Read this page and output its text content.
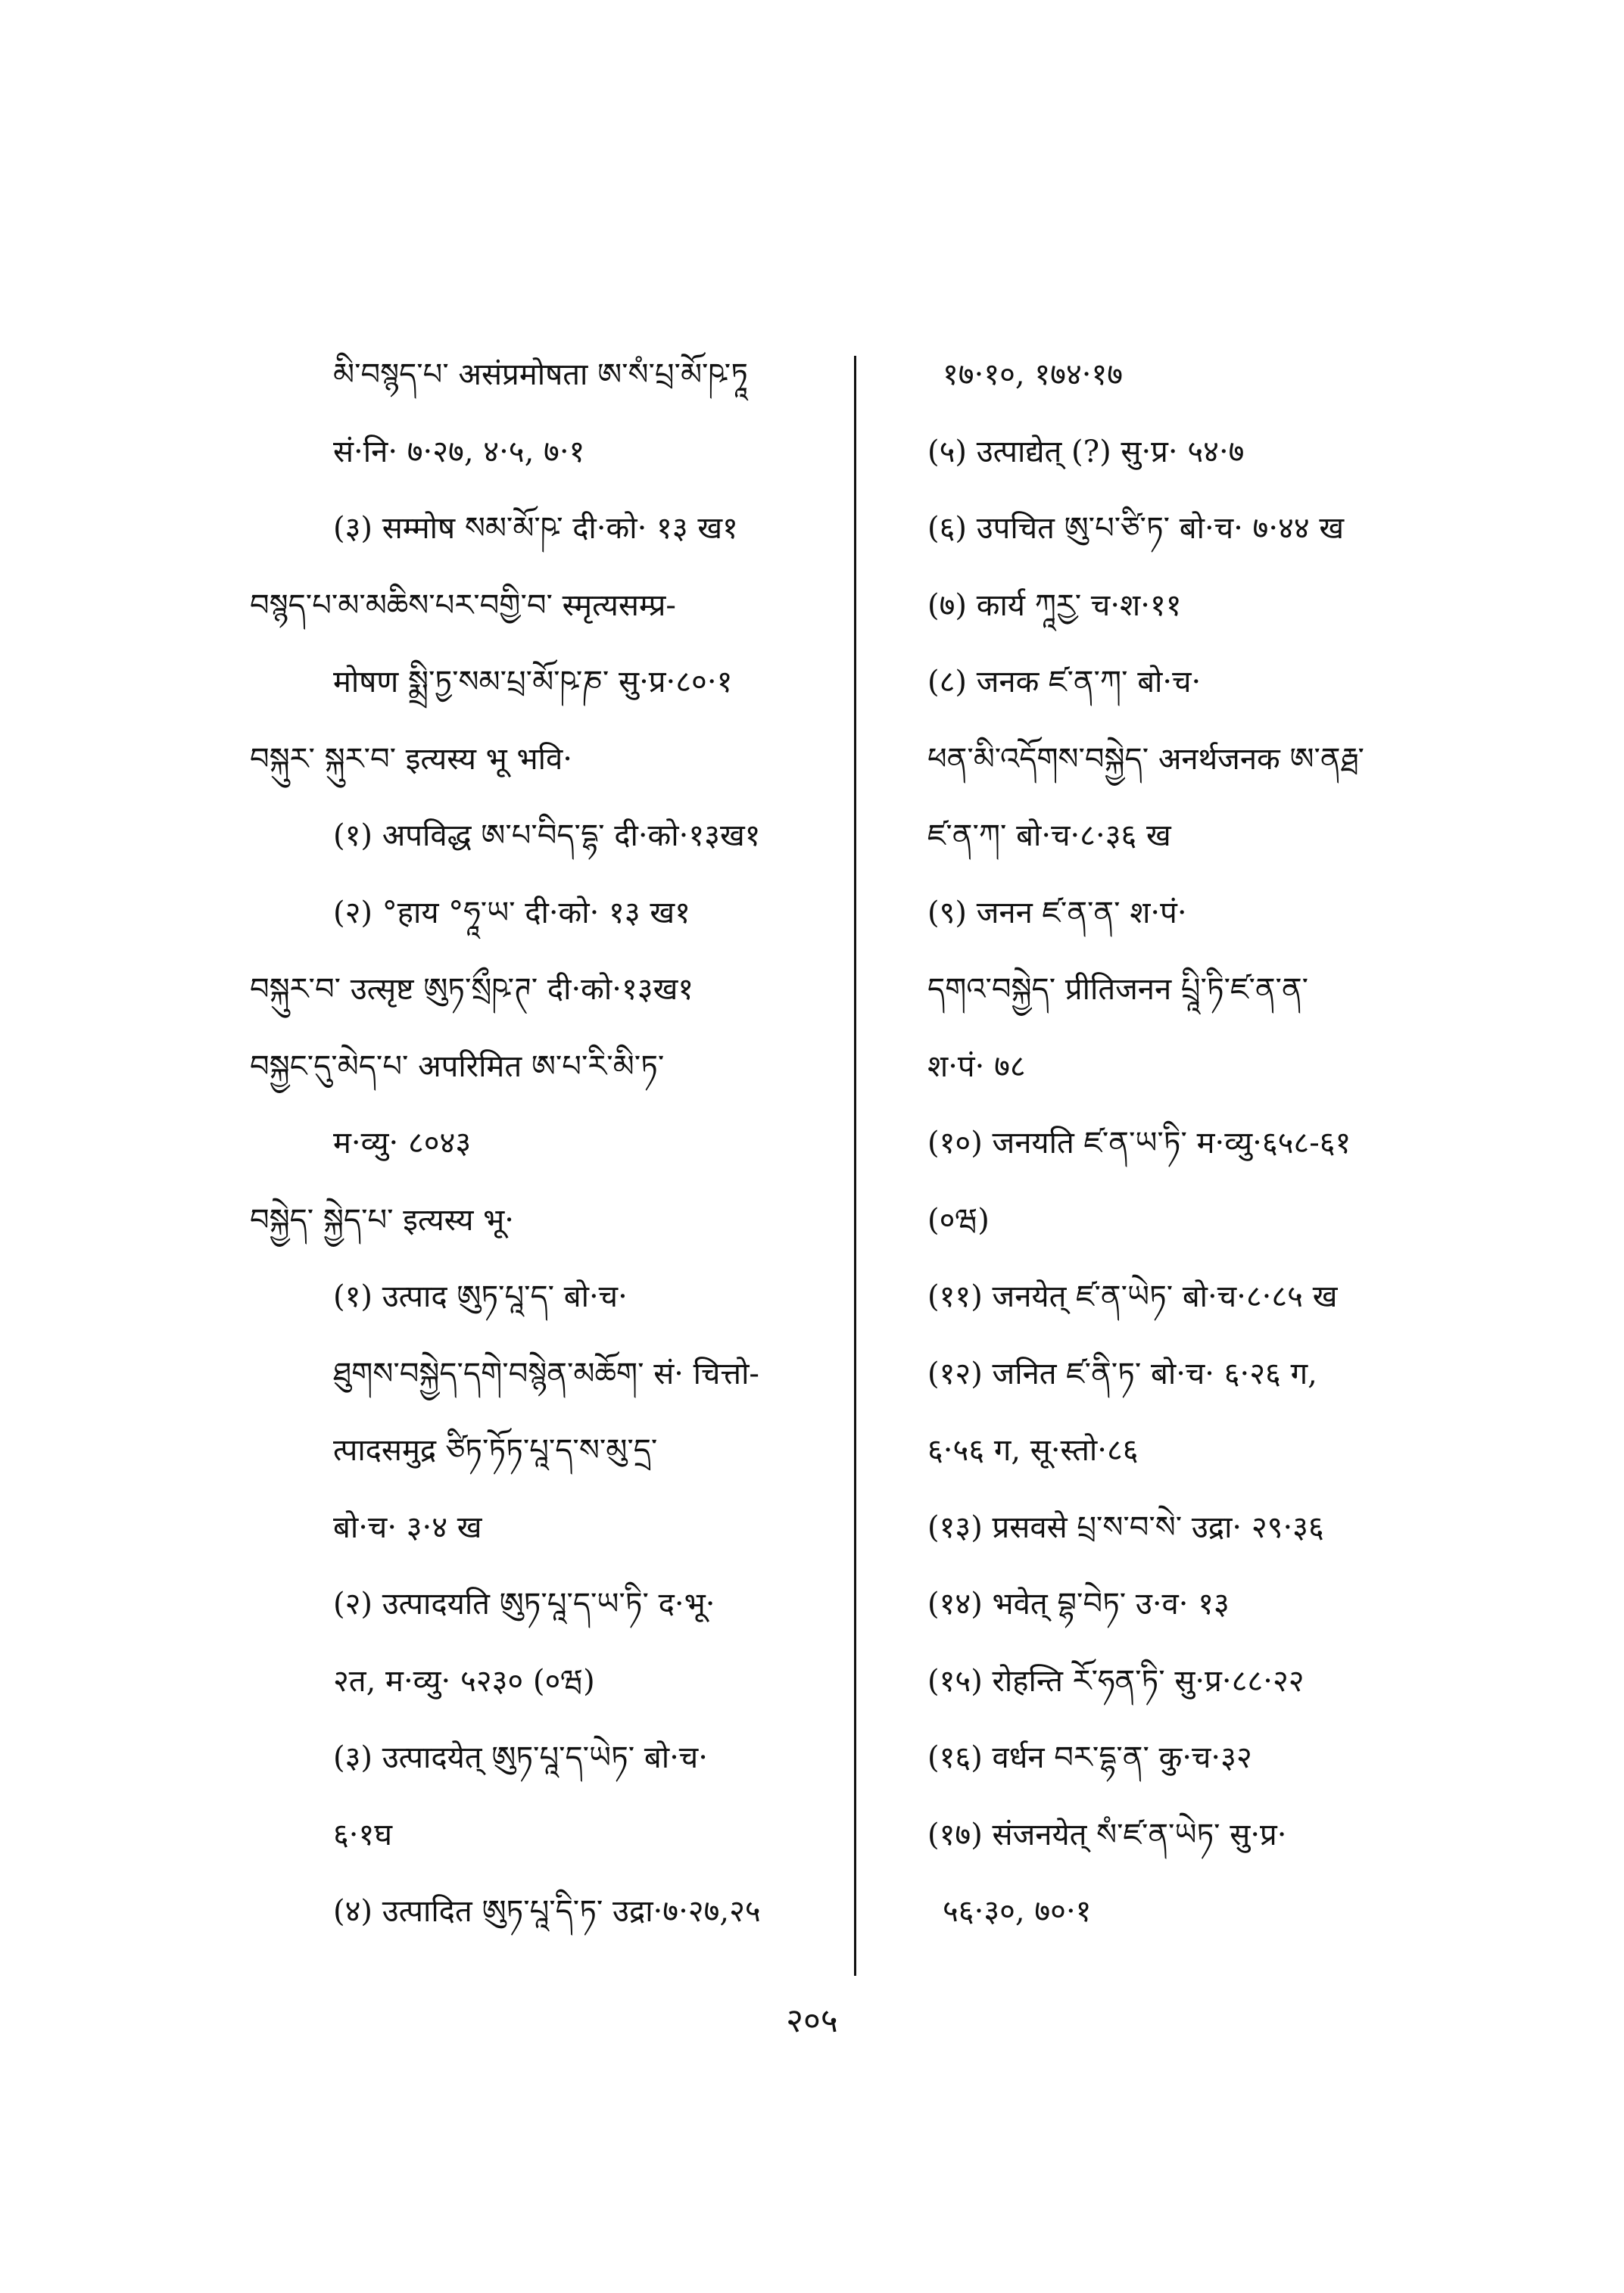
མི་བསྙད་པ་ असंप्रमोषता ཨ་སཾ་པྲ་མོ་ཥ་ཏཱ
सं·नि· ७·२७, ४·५, ७·१
(३) सम्मोष སམ་མོ་ཥ་ दी·को· १३ ख१
བསྙད་པ་མ་མཆིས་པར་བགྱི་བ་ स्मृत्यसम्प्र-
मोषण སྨྲི་ཏྱ་སམ་པྲ་མོ་ཥ་ཎ་ सु·प्र·८०·१
བསྐུར་ སྐུར་བ་ इत्यस्य भू भवि·
(१) अपविद्ध ཨ་པ་བིད་དྷ་ दी·को·१३ख१
(२) °हाय °ཧཱ་ཡ་ दी·को· १३ ख१
བསྐུར་བ་ उत्सृष्ट ཨུཏ་སྲྀཥ་ཊ་ दी·को·१३ख१
བསྐྱང་དུ་མེད་པ་ अपरिमित ཨ་པ་རི་མི་ཏ་
म·व्यु· ८०४३
བསྐྱེད་ སྐྱེད་པ་ इत्यस्य भू·
(१) उत्पाद ཨུཏ་པཱ་ད་ बो·च·
ཐུགས་བསྐྱེད་དགེ་བསྙེན་མཆོག་ सं· चित्तो-
त्पादसमुद्र ཙིཏ་ཏོཏ་པཱ་ད་ས་མུ་དྲ་
बो·च· ३·४ ख
(२) उत्पादयति ཨུཏ་པཱ་ད་ཡ་ཏི་ द·भू·
२त, म·व्यु· ५२३० (०ཝ)
(३) उत्पादयेत् ཨུཏ་པཱ་ད་ཡེཏ་ बो·च·
६·१घ
(४) उत्पादित ཨུཏ་པཱ་དི་ཏ་ उद्रा·७·२७,२५
१७·१०, १७४·१७
(५) उत्पाद्येत् (?) सु·प्र· ५४·७
(६) उपचित ཨུ་པ་ཙི་ཏ་ बो·च· ७·४४ ख
(७) कार्य ཀཱརྱ་ च·श·११
(८) जनक ཛ་ན་ཀ་ बो·च·
ཕན་མི་འདོགས་བསྐྱེད་ अनर्थजनक ཨ་ནརྠ་
ཛ་ན་ཀ་ बो·च·८·३६ ख
(९) जनन ཛ་ན་ན་ श·पं·
དགའ་བསྐྱེད་ प्रीतिजनन པྲཱི་ཏི་ཛ་ན་ན་
श·पं· ७८
(१०) जनयति ཛ་ན་ཡ་ཏི་ म·व्यु·६५८-६१
(०ཝ)
(११) जनयेत् ཛ་ན་ཡེཏ་ बो·च·८·८५ ख
(१२) जनित ཛ་ནི་ཏ་ बो·च· ६·२६ ग,
६·५६ ग, सू·स्तो·८६
(१३) प्रसवसे པྲ་ས་བ་སེ་ उद्रा· २९·३६
(१४) भवेत् བྷ་བེཏ་ उ·व· १३
(१५) रोहन्ति རོ་ཧན་ཏི་ सु·प्र·८८·२२
(१६) वर्धन བར་དྷ་ན་ कु·च·३२
(१७) संजनयेत् སཾ་ཛ་ན་ཡེཏ་ सु·प्र·
५६·३०, ७०·१
२०५
